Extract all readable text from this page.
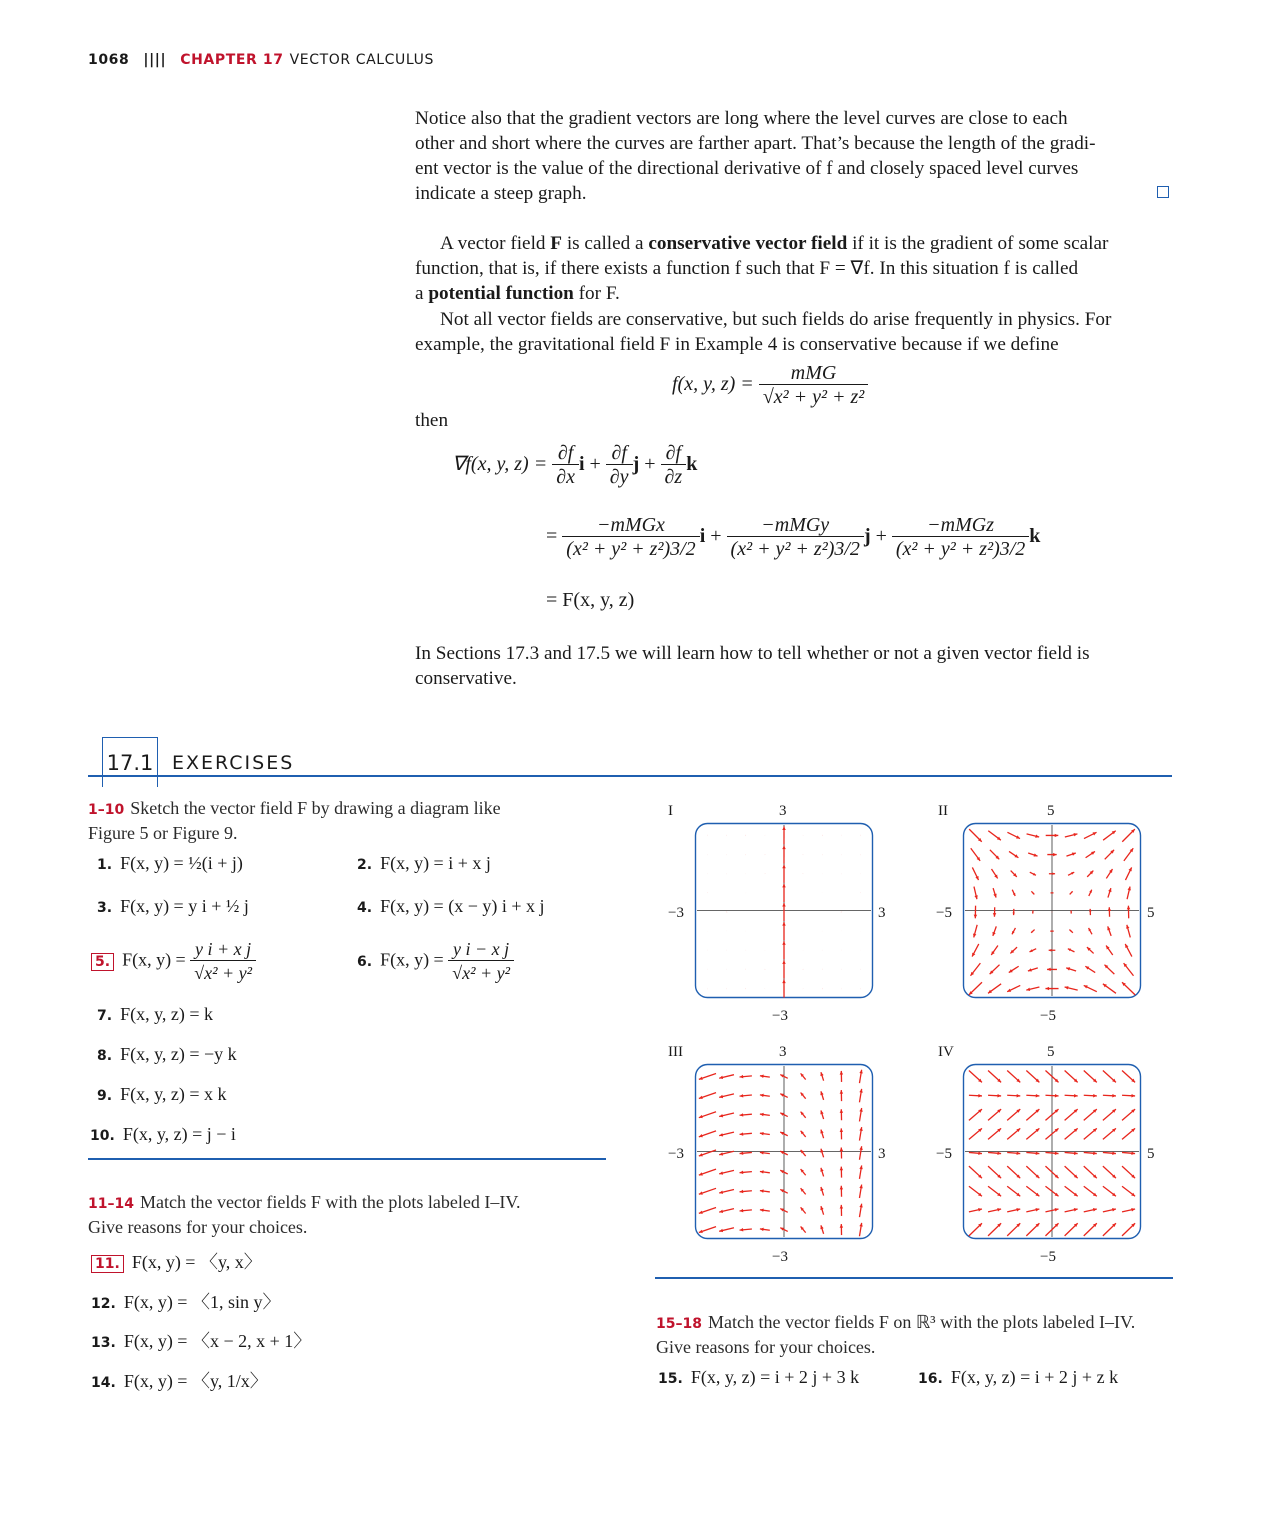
1068 |||| CHAPTER 17 VECTOR CALCULUS
Notice also that the gradient vectors are long where the level curves are close to each
other and short where the curves are farther apart. That’s because the length of the gradi-
ent vector is the value of the directional derivative of f and closely spaced level curves
indicate a steep graph.
A vector field F is called a conservative vector field if it is the gradient of some scalar
function, that is, if there exists a function f such that F = ∇f. In this situation f is called
a potential function for F.
Not all vector fields are conservative, but such fields do arise frequently in physics. For
example, the gravitational field F in Example 4 is conservative because if we define
f(x, y, $z) = \frac{\text{mMG}}{\text{√x² + y² + z²}}$
then
∇f(x, y, $z) = \frac{\partial f}{\partial x}$ $i + \frac{\partial f}{\partial y}$ $j + \frac{\partial f}{\partial z}$ k
= $\frac{\text{−mMGx}}{\text{(x² + y² + z²)3/2}}$ $i + \frac{\text{−mMGy}}{\text{(x² + y² + z²)3/2}}$ $j + \frac{\text{−mMGz}}{\text{(x² + y² + z²)3/2}}$ k
= F(x, y, z)
In Sections 17.3 and 17.5 we will learn how to tell whether or not a given vector field is
conservative.
17.1 EXERCISES
1–10 Sketch the vector field F by drawing a diagram like
Figure 5 or Figure 9.
1. F(x, y) = ½(i + j)	2. F(x, y) = i + x j
3. F(x, y) = y i + ½ j	4. F(x, y) = (x − y) i + x j
5. F(x, $y) = \frac{\text{y i + x j}}{\text{√x² + y²}}$	6. F(x, $y) = \frac{\text{y i − x j}}{\text{√x² + y²}}$
7. F(x, y, z) = k
8. F(x, y, z) = −y k
9. F(x, y, z) = x k
10. F(x, y, z) = j − i
11–14 Match the vector fields F with the plots labeled I–IV.
Give reasons for your choices.
11. F(x, y) = 〈y, x〉
12. F(x, y) = 〈1, sin y〉
13. F(x, y) = 〈x − 2, x + 1〉
14. F(x, y) = 〈y, 1/x〉
I	3
−3	3
−3
II	5
−5	5
−5
III	3
−3	3
−3
IV	5
−5	5
−5
15–18 Match the vector fields F on ℝ³ with the plots labeled I–IV.
Give reasons for your choices.
15. F(x, y, z) = i + 2 j + 3 k	16. F(x, y, z) = i + 2 j + z k
